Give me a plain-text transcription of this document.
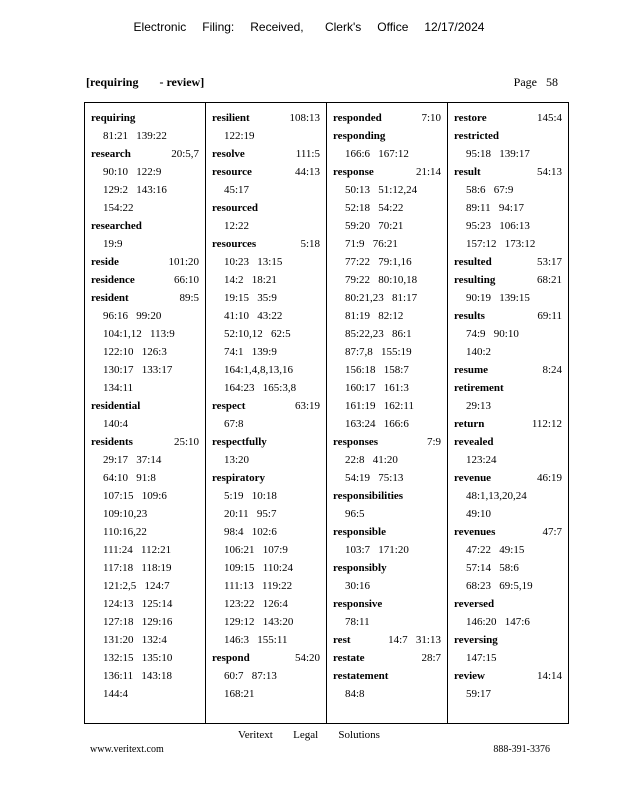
Electronic   Filing:   Received,    Clerk's   Office   12/17/2024
[requiring       - review]	Page   58
requiring
81:21   139:22
research	20:5,7
90:10   122:9
129:2   143:16
154:22
researched
19:9
reside	101:20
residence	66:10
resident	89:5
96:16   99:20
104:1,12   113:9
122:10   126:3
130:17   133:17
134:11
residential
140:4
residents	25:10
29:17   37:14
64:10   91:8
107:15   109:6
109:10,23
110:16,22
111:24   112:21
117:18   118:19
121:2,5   124:7
124:13   125:14
127:18   129:16
131:20   132:4
132:15   135:10
136:11   143:18
144:4
resilient	108:13
122:19
resolve	111:5
resource	44:13
45:17
resourced
12:22
resources	5:18
10:23   13:15
14:2   18:21
19:15   35:9
41:10   43:22
52:10,12   62:5
74:1   139:9
164:1,4,8,13,16
164:23   165:3,8
respect	63:19
67:8
respectfully
13:20
respiratory
5:19   10:18
20:11   95:7
98:4   102:6
106:21   107:9
109:15   110:24
111:13   119:22
123:22   126:4
129:12   143:20
146:3   155:11
respond	54:20
60:7   87:13
168:21
responded	7:10
responding
166:6   167:12
response	21:14
50:13   51:12,24
52:18   54:22
59:20   70:21
71:9   76:21
77:22   79:1,16
79:22   80:10,18
80:21,23   81:17
81:19   82:12
85:22,23   86:1
87:7,8   155:19
156:18   158:7
160:17   161:3
161:19   162:11
163:24   166:6
responses	7:9
22:8   41:20
54:19   75:13
responsibilities
96:5
responsible
103:7   171:20
responsibly
30:16
responsive
78:11
rest	14:7   31:13
restate	28:7
restatement
84:8
restore	145:4
restricted
95:18   139:17
result	54:13
58:6   67:9
89:11   94:17
95:23   106:13
157:12   173:12
resulted	53:17
resulting	68:21
90:19   139:15
results	69:11
74:9   90:10
140:2
resume	8:24
retirement
29:13
return	112:12
revealed
123:24
revenue	46:19
48:1,13,20,24
49:10
revenues	47:7
47:22   49:15
57:14   58:6
68:23   69:5,19
reversed
146:20   147:6
reversing
147:15
review	14:14
59:17
Veritext   Legal   Solutions
www.veritext.com	888-391-3376
